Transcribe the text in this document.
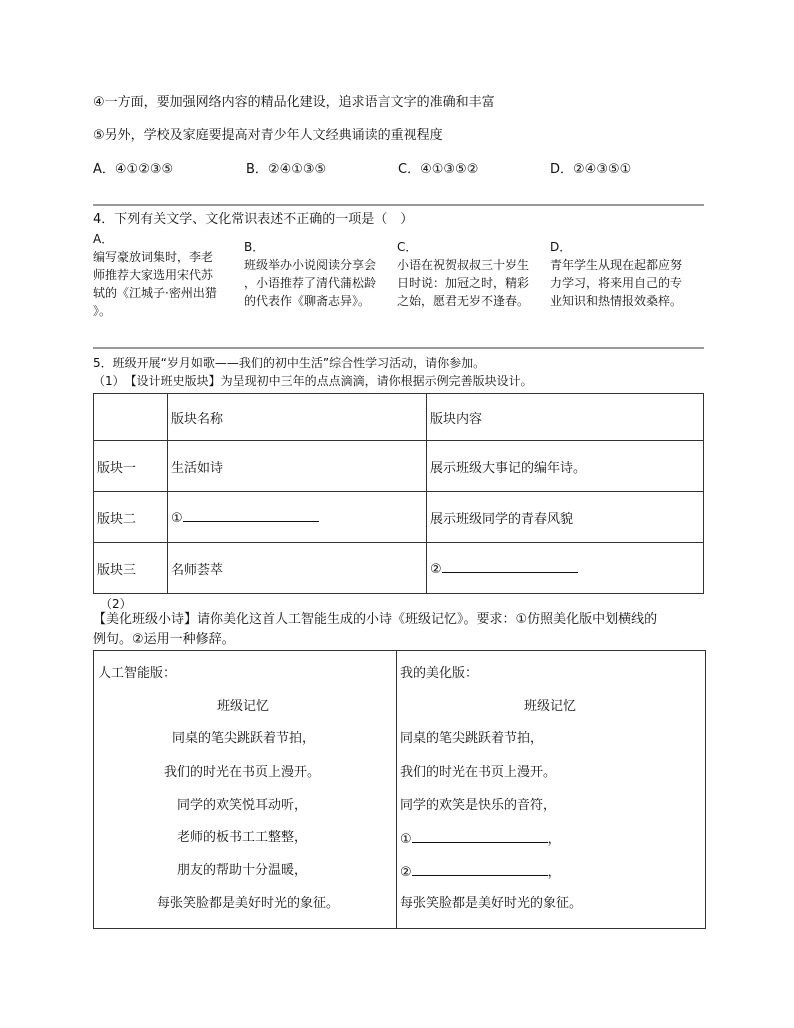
④一方面，要加强网络内容的精品化建设，追求语言文字的准确和丰富
⑤另外，学校及家庭要提高对青少年人文经典诵读的重视程度
A．④①②③⑤	B．②④①③⑤	C．④①③⑤②	D．②④③⑤①
4．下列有关文学、文化常识表述不正确的一项是（　）
A．
编写豪放词集时，李老
师推荐大家选用宋代苏
轼的《江城子·密州出猎
》。
B．
班级举办小说阅读分享会
，小语推荐了清代蒲松龄
的代表作《聊斋志异》。
C．
小语在祝贺叔叔三十岁生
日时说：加冠之时，精彩
之始，愿君无岁不逢春。
D．
青年学生从现在起都应努
力学习，将来用自己的专
业知识和热情报效桑梓。
5．班级开展“岁月如歌——我们的初中生活”综合性学习活动，请你参加。
（1）　【设计班史版块】为呈现初中三年的点点滴滴，请你根据示例完善版块设计。
	版块名称	版块内容
版块一	生活如诗	展示班级大事记的编年诗。
版块二	①	展示班级同学的青春风貌
版块三	名师荟萃	②
（2）
【美化班级小诗】请你美化这首人工智能生成的小诗《班级记忆》。要求：①仿照美化版中划横线的
例句。②运用一种修辞。
人工智能版：
班级记忆
同桌的笔尖跳跃着节拍，
我们的时光在书页上漫开。
同学的欢笑悦耳动听，
老师的板书工工整整，
朋友的帮助十分温暖，
每张笑脸都是美好时光的象征。
我的美化版：
班级记忆
同桌的笔尖跳跃着节拍，
我们的时光在书页上漫开。
同学的欢笑是快乐的音符，
①	，
②	，
每张笑脸都是美好时光的象征。
